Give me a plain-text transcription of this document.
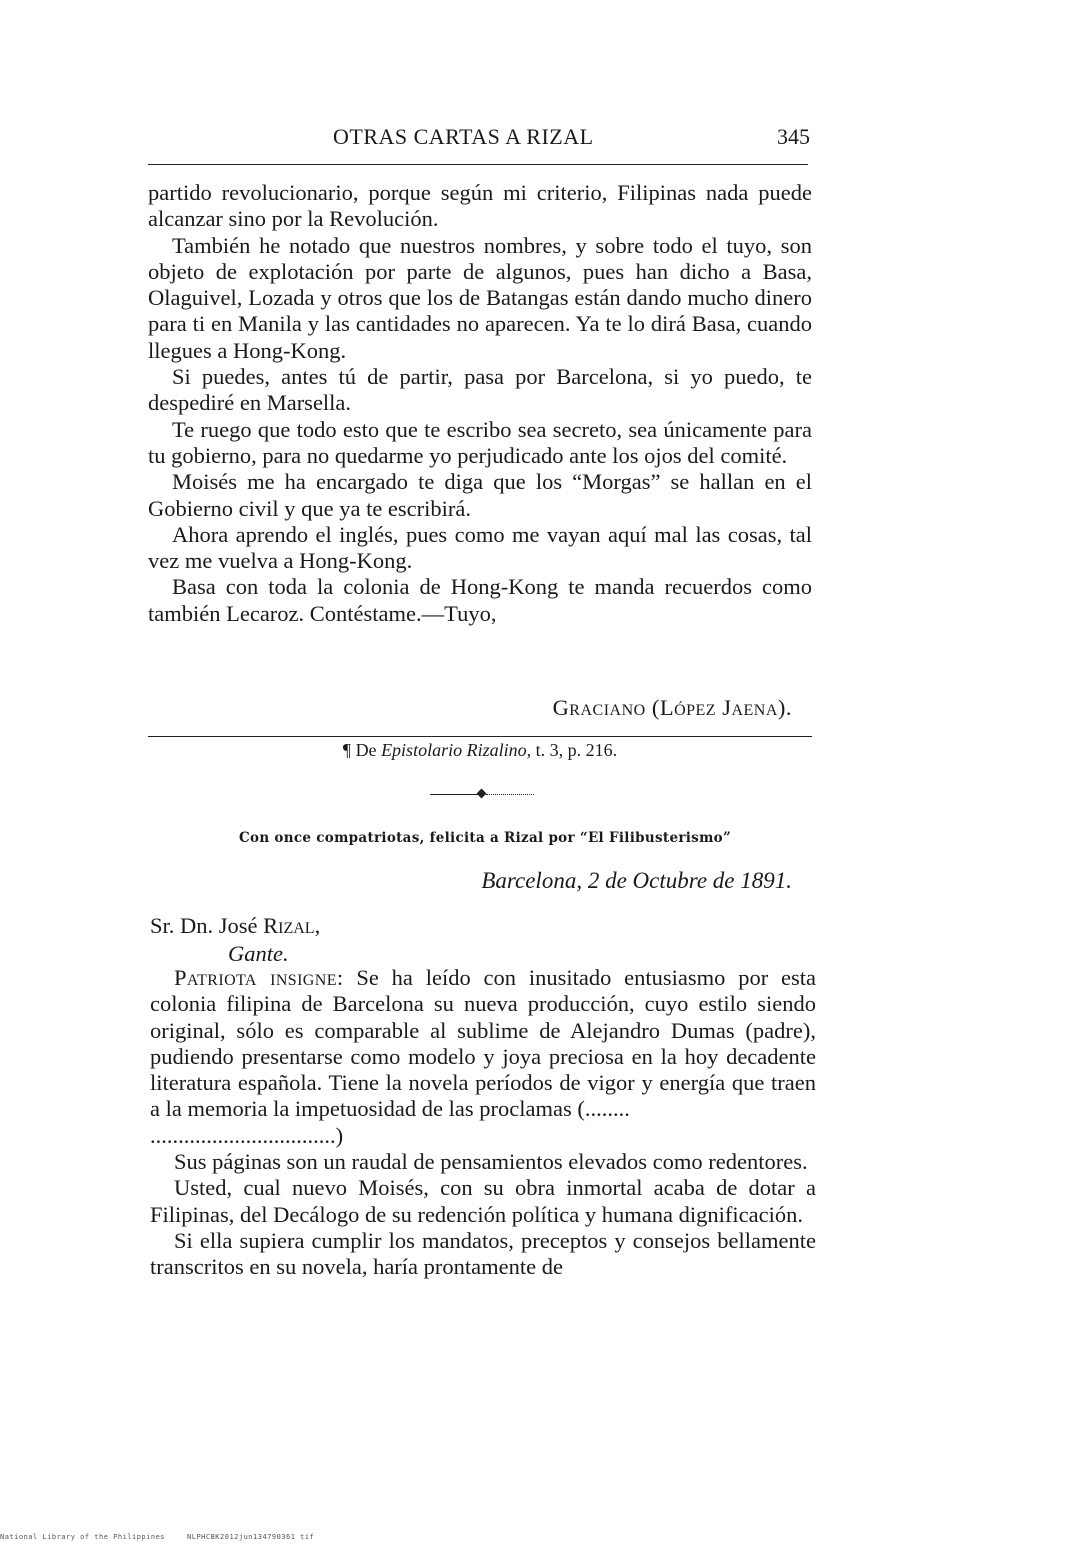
OTRAS CARTAS A RIZAL	345

partido revolucionario, porque según mi criterio, Filipinas nada puede alcanzar sino por la Revolución.

También he notado que nuestros nombres, y sobre todo el tuyo, son objeto de explotación por parte de algunos, pues han dicho a Basa, Olaguivel, Lozada y otros que los de Batangas están dando mucho dinero para ti en Manila y las cantidades no aparecen. Ya te lo dirá Basa, cuando llegues a Hong-Kong.

Si puedes, antes tú de partir, pasa por Barcelona, si yo puedo, te despediré en Marsella.

Te ruego que todo esto que te escribo sea secreto, sea únicamente para tu gobierno, para no quedarme yo perjudicado ante los ojos del comité.

Moisés me ha encargado te diga que los “Morgas” se hallan en el Gobierno civil y que ya te escribirá.

Ahora aprendo el inglés, pues como me vayan aquí mal las cosas, tal vez me vuelva a Hong-Kong.

Basa con toda la colonia de Hong-Kong te manda recuerdos como también Lecaroz. Contéstame.—Tuyo,

Graciano (López Jaena).
¶ De Epistolario Rizalino, t. 3, p. 216.
Con once compatriotas, felicita a Rizal por “El Filibusterismo”
Barcelona, 2 de Octubre de 1891.
Sr. Dn. José Rizal,
Gante.

Patriota insigne: Se ha leído con inusitado entusiasmo por esta colonia filipina de Barcelona su nueva producción, cuyo estilo siendo original, sólo es comparable al sublime de Alejandro Dumas (padre), pudiendo presentarse como modelo y joya preciosa en la hoy decadente literatura española. Tiene la novela períodos de vigor y energía que traen a la memoria la impetuosidad de las proclamas (........

.................................)

Sus páginas son un raudal de pensamientos elevados como redentores.

Usted, cual nuevo Moisés, con su obra inmortal acaba de dotar a Filipinas, del Decálogo de su redención política y humana dignificación.

Si ella supiera cumplir los mandatos, preceptos y consejos bellamente transcritos en su novela, haría prontamente de

National Library of the Philippines	NLPHCBK2012jun134790361 tif
